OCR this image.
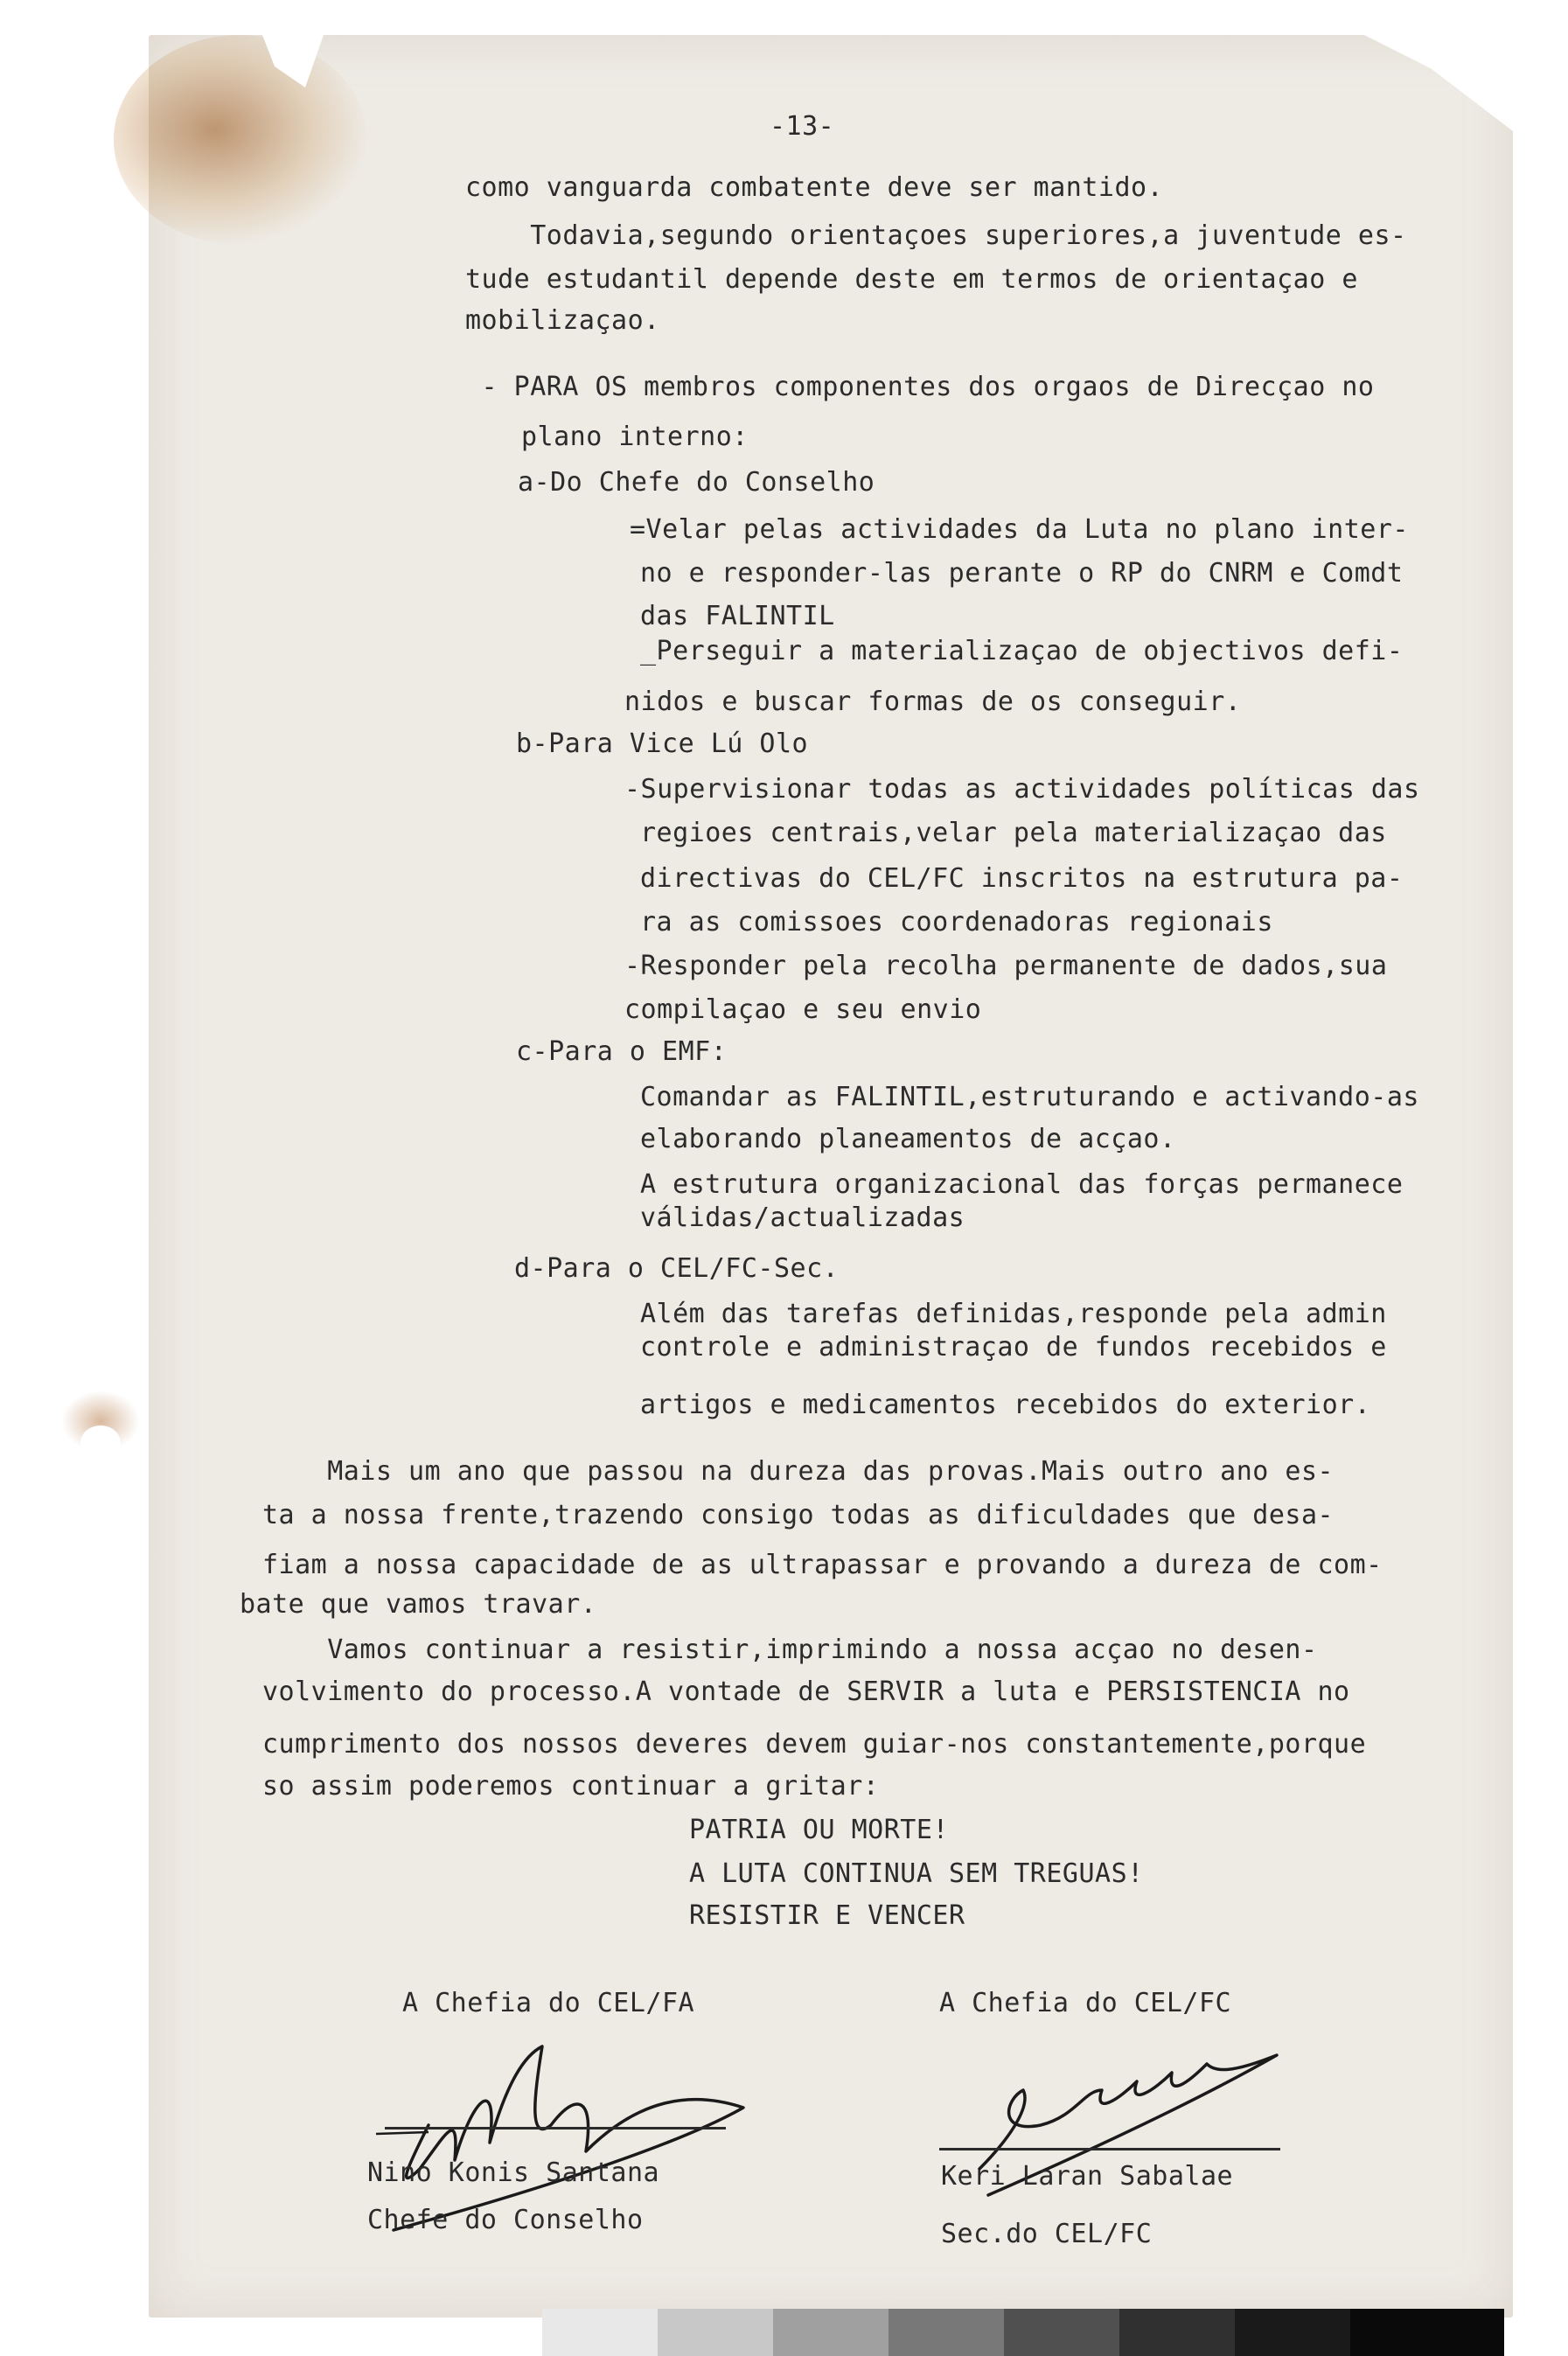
-13-
como vanguarda combatente deve ser mantido.
Todavia,segundo orientaçoes superiores,a juventude es-
tude estudantil depende deste em termos de orientaçao e
mobilizaçao.
- PARA OS membros componentes dos orgaos de Direcçao no
plano interno:
a-Do Chefe do Conselho
=Velar pelas actividades da Luta no plano inter-
no e responder-las perante o RP do CNRM e Comdt
das FALINTIL
_Perseguir a materializaçao de objectivos defi-
nidos e buscar formas de os conseguir.
b-Para Vice Lú Olo
-Supervisionar todas as actividades políticas das
regioes centrais,velar pela materializaçao das
directivas do CEL/FC inscritos na estrutura pa-
ra as comissoes coordenadoras regionais
-Responder pela recolha permanente de dados,sua
compilaçao e seu envio
c-Para o EMF:
Comandar as FALINTIL,estruturando e activando-as
elaborando planeamentos de acçao.
A estrutura organizacional das forças permanece
válidas/actualizadas
d-Para o CEL/FC-Sec.
Além das tarefas definidas,responde pela admin
controle e administraçao de fundos recebidos e
artigos e medicamentos recebidos do exterior.
Mais um ano que passou na dureza das provas.Mais outro ano es-
ta a nossa frente,trazendo consigo todas as dificuldades que desa-
fiam a nossa capacidade de as ultrapassar e provando a dureza de com-
bate que vamos travar.
Vamos continuar a resistir,imprimindo a nossa acçao no desen-
volvimento do processo.A vontade de SERVIR a luta e PERSISTENCIA no
cumprimento dos nossos deveres devem guiar-nos constantemente,porque
so assim poderemos continuar a gritar:
PATRIA OU MORTE!
A LUTA CONTINUA SEM TREGUAS!
RESISTIR E VENCER
A Chefia do CEL/FA	A Chefia do CEL/FC
Nino Konis Santana
Chefe do Conselho
Keri Laran Sabalae
Sec.do CEL/FC
